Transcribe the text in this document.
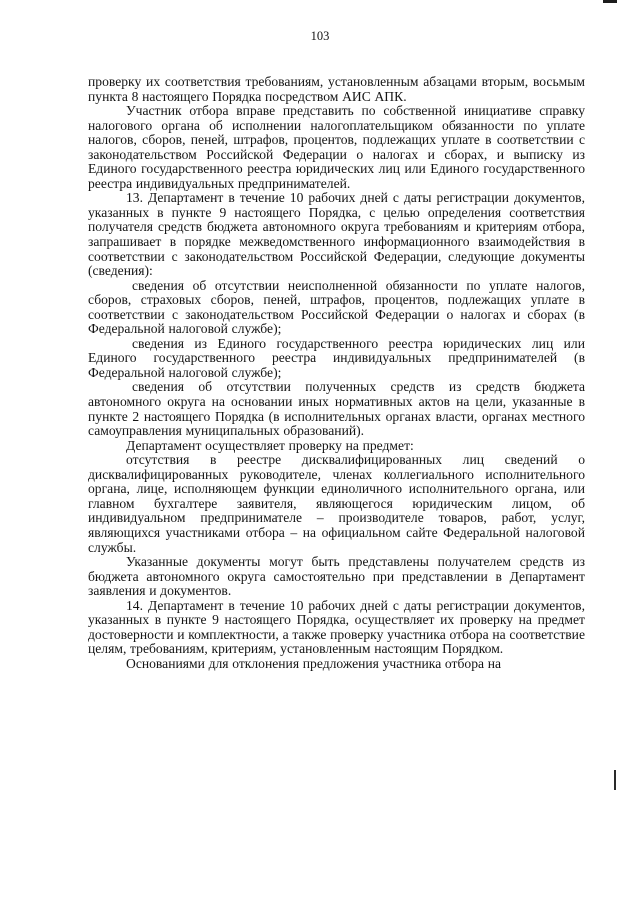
103

проверку их соответствия требованиям, установленным абзацами вторым, восьмым пункта 8 настоящего Порядка посредством АИС АПК.

Участник отбора вправе представить по собственной инициативе справку налогового органа об исполнении налогоплательщиком обязанности по уплате налогов, сборов, пеней, штрафов, процентов, подлежащих уплате в соответствии с законодательством Российской Федерации о налогах и сборах, и выписку из Единого государственного реестра юридических лиц или Единого государственного реестра индивидуальных предпринимателей.

13. Департамент в течение 10 рабочих дней с даты регистрации документов, указанных в пункте 9 настоящего Порядка, с целью определения соответствия получателя средств бюджета автономного округа требованиям и критериям отбора, запрашивает в порядке межведомственного информационного взаимодействия в соответствии с законодательством Российской Федерации, следующие документы (сведения):

сведения об отсутствии неисполненной обязанности по уплате налогов, сборов, страховых сборов, пеней, штрафов, процентов, подлежащих уплате в соответствии с законодательством Российской Федерации о налогах и сборах (в Федеральной налоговой службе);

сведения из Единого государственного реестра юридических лиц или Единого государственного реестра индивидуальных предпринимателей (в Федеральной налоговой службе);

сведения об отсутствии полученных средств из средств бюджета автономного округа на основании иных нормативных актов на цели, указанные в пункте 2 настоящего Порядка (в исполнительных органах власти, органах местного самоуправления муниципальных образований).

Департамент осуществляет проверку на предмет:

отсутствия в реестре дисквалифицированных лиц сведений о дисквалифицированных руководителе, членах коллегиального исполнительного органа, лице, исполняющем функции единоличного исполнительного органа, или главном бухгалтере заявителя, являющегося юридическим лицом, об индивидуальном предпринимателе – производителе товаров, работ, услуг, являющихся участниками отбора – на официальном сайте Федеральной налоговой службы.

Указанные документы могут быть представлены получателем средств из бюджета автономного округа самостоятельно при представлении в Департамент заявления и документов.

14. Департамент в течение 10 рабочих дней с даты регистрации документов, указанных в пункте 9 настоящего Порядка, осуществляет их проверку на предмет достоверности и комплектности, а также проверку участника отбора на соответствие целям, требованиям, критериям, установленным настоящим Порядком.

Основаниями для отклонения предложения участника отбора на
